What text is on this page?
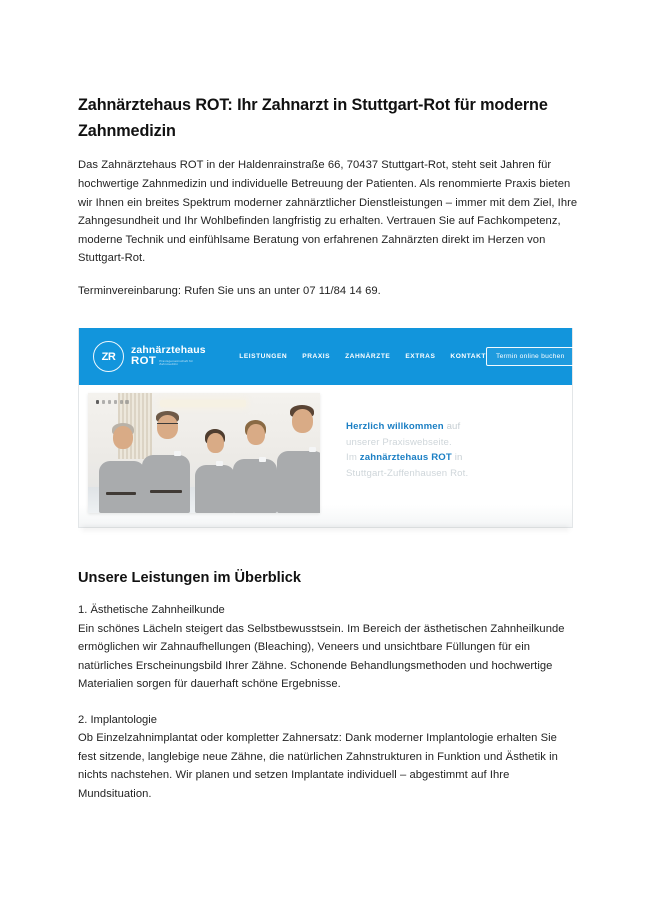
Zahnärztehaus ROT: Ihr Zahnarzt in Stuttgart-Rot für moderne Zahnmedizin

Das Zahnärztehaus ROT in der Haldenrainstraße 66, 70437 Stuttgart-Rot, steht seit Jahren für hochwertige Zahnmedizin und individuelle Betreuung der Patienten. Als renommierte Praxis bieten wir Ihnen ein breites Spektrum moderner zahnärztlicher Dienstleistungen – immer mit dem Ziel, Ihre Zahngesundheit und Ihr Wohlbefinden langfristig zu erhalten. Vertrauen Sie auf Fachkompetenz, moderne Technik und einfühlsame Beratung von erfahrenen Zahnärzten direkt im Herzen von Stuttgart-Rot.

Terminvereinbarung: Rufen Sie uns an unter 07 11/84 14 69.

ZR
zahnärztehaus
ROT Praxisgemeinschaft für Zahnmedizin
LEISTUNGEN PRAXIS ZAHNÄRZTE EXTRAS KONTAKT	Termin online buchen
Herzlich willkommen auf
unserer Praxiswebseite.
Im zahnärztehaus ROT in
Stuttgart-Zuffenhausen Rot.
Unsere Leistungen im Überblick

1. Ästhetische Zahnheilkunde

Ein schönes Lächeln steigert das Selbstbewusstsein. Im Bereich der ästhetischen Zahnheilkunde ermöglichen wir Zahnaufhellungen (Bleaching), Veneers und unsichtbare Füllungen für ein natürliches Erscheinungsbild Ihrer Zähne. Schonende Behandlungsmethoden und hochwertige Materialien sorgen für dauerhaft schöne Ergebnisse.

2. Implantologie

Ob Einzelzahnimplantat oder kompletter Zahnersatz: Dank moderner Implantologie erhalten Sie fest sitzende, langlebige neue Zähne, die natürlichen Zahnstrukturen in Funktion und Ästhetik in nichts nachstehen. Wir planen und setzen Implantate individuell – abgestimmt auf Ihre Mundsituation.
